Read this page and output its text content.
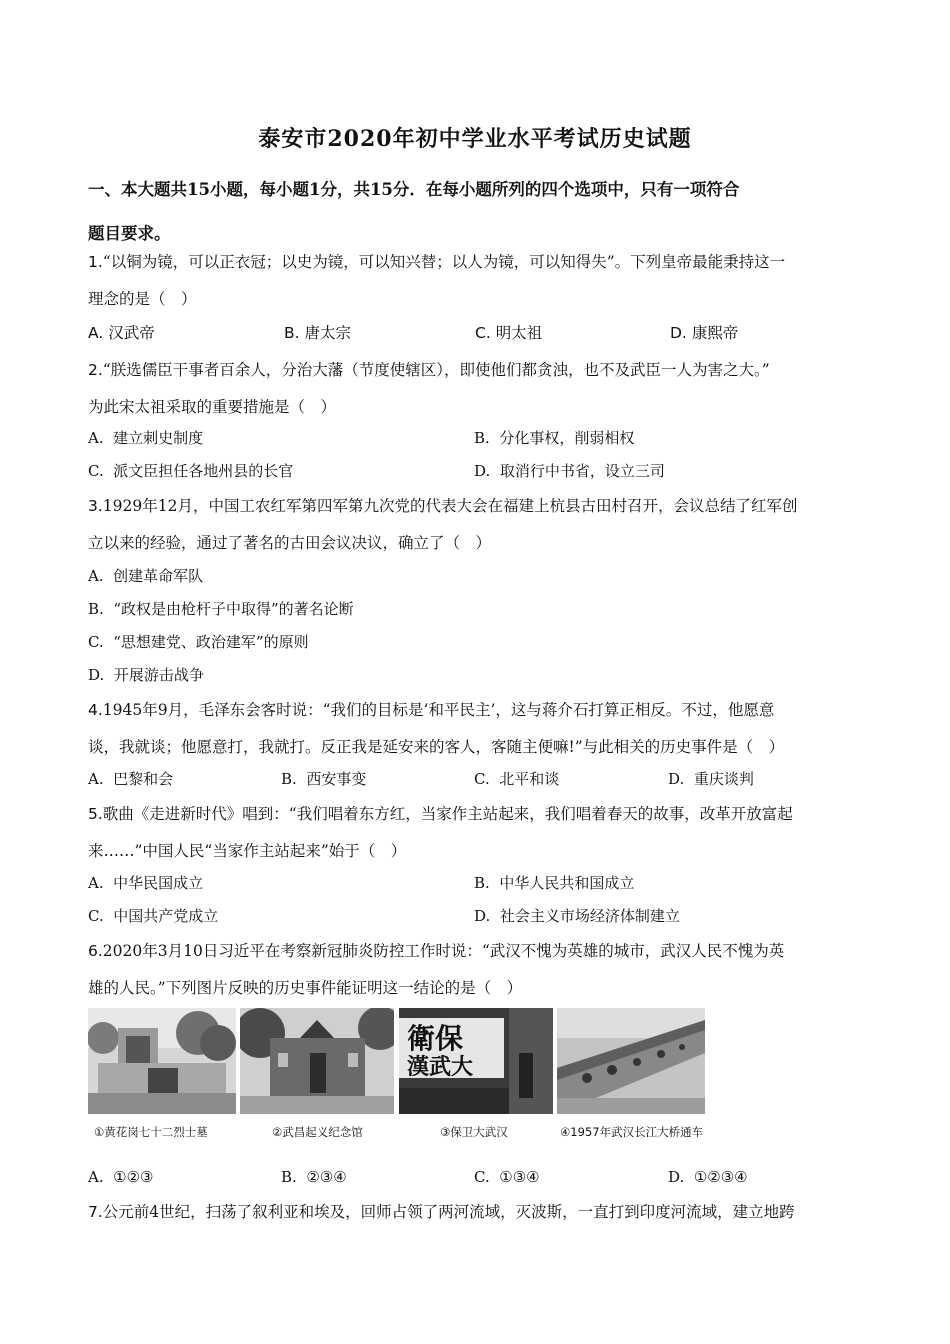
泰安市2020年初中学业水平考试历史试题
一、本大题共15小题，每小题1分，共15分．在每小题所列的四个选项中，只有一项符合
题目要求。
1.“以铜为镜，可以正衣冠；以史为镜，可以知兴替；以人为镜，可以知得失”。下列皇帝最能秉持这一
理念的是（　）
A. 汉武帝	B. 唐太宗	C. 明太祖	D. 康熙帝
2.“朕选儒臣干事者百余人，分治大藩（节度使辖区），即使他们都贪浊，也不及武臣一人为害之大。”
为此宋太祖采取的重要措施是（　）
A. 建立刺史制度	B. 分化事权，削弱相权
C. 派文臣担任各地州县的长官	D. 取消行中书省，设立三司
3.1929年12月，中国工农红军第四军第九次党的代表大会在福建上杭县古田村召开，会议总结了红军创
立以来的经验，通过了著名的古田会议决议，确立了（　）
A. 创建革命军队
B. “政权是由枪杆子中取得”的著名论断
C. “思想建党、政治建军”的原则
D. 开展游击战争
4.1945年9月，毛泽东会客时说：“我们的目标是‘和平民主’，这与蒋介石打算正相反。不过，他愿意
谈，我就谈；他愿意打，我就打。反正我是延安来的客人，客随主便嘛!”与此相关的历史事件是（　）
A. 巴黎和会	B. 西安事变	C. 北平和谈	D. 重庆谈判
5.歌曲《走进新时代》唱到：“我们唱着东方红，当家作主站起来，我们唱着春天的故事，改革开放富起
来……”中国人民“当家作主站起来”始于（　）
A. 中华民国成立	B. 中华人民共和国成立
C. 中国共产党成立	D. 社会主义市场经济体制建立
6.2020年3月10日习近平在考察新冠肺炎防控工作时说：“武汉不愧为英雄的城市，武汉人民不愧为英
雄的人民。”下列图片反映的历史事件能证明这一结论的是（　）
①黄花岗七十二烈士墓	②武昌起义纪念馆
衛保
漢武大
③保卫大武汉	④1957年武汉长江大桥通车
A. ①②③	B. ②③④	C. ①③④	D. ①②③④
7.公元前4世纪，扫荡了叙利亚和埃及，回师占领了两河流域，灭波斯，一直打到印度河流域，建立地跨
